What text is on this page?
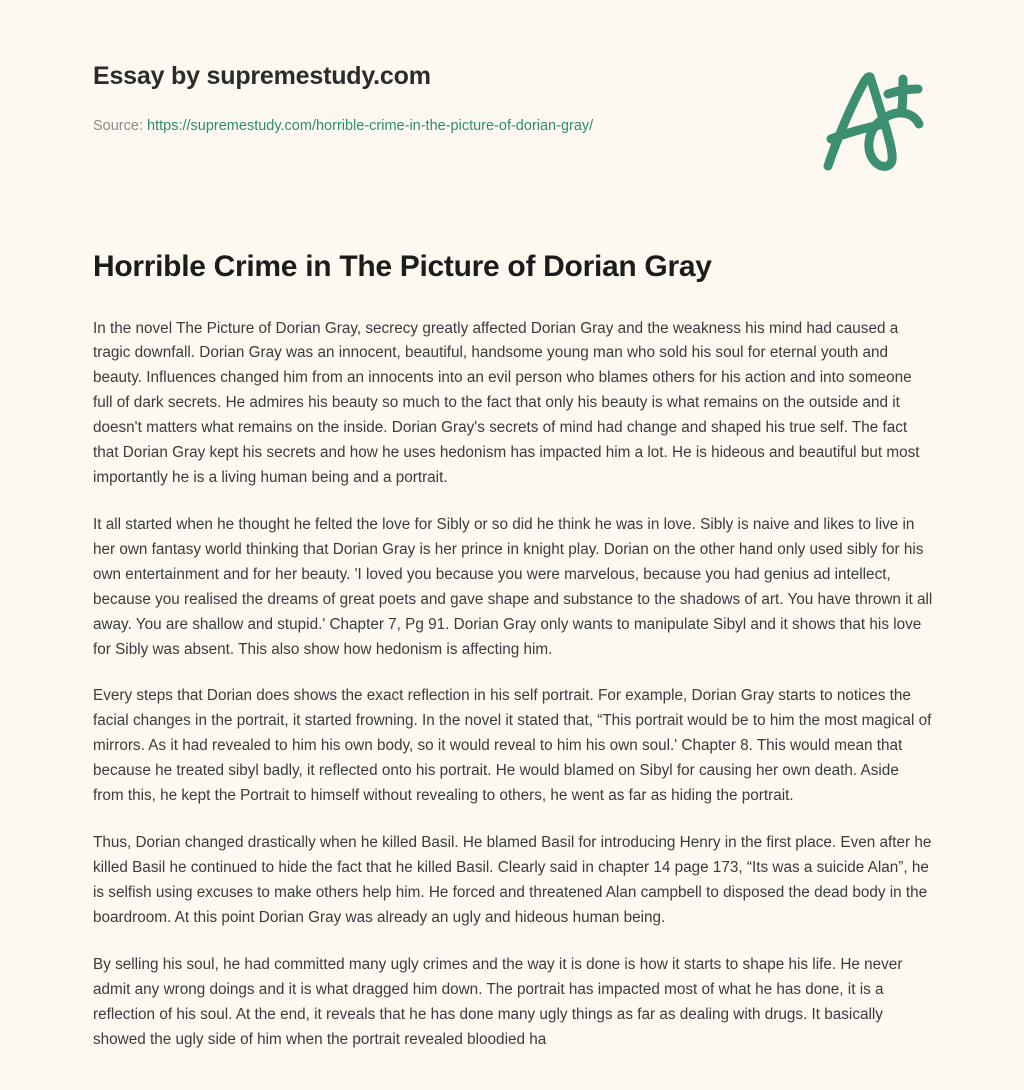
Essay by supremestudy.com
Source: https://supremestudy.com/horrible-crime-in-the-picture-of-dorian-gray/
Horrible Crime in The Picture of Dorian Gray

In the novel The Picture of Dorian Gray, secrecy greatly affected Dorian Gray and the weakness his mind had caused a tragic downfall. Dorian Gray was an innocent, beautiful, handsome young man who sold his soul for eternal youth and beauty. Influences changed him from an innocents into an evil person who blames others for his action and into someone full of dark secrets. He admires his beauty so much to the fact that only his beauty is what remains on the outside and it doesn't matters what remains on the inside. Dorian Gray's secrets of mind had change and shaped his true self. The fact that Dorian Gray kept his secrets and how he uses hedonism has impacted him a lot. He is hideous and beautiful but most importantly he is a living human being and a portrait.

It all started when he thought he felted the love for Sibly or so did he think he was in love. Sibly is naive and likes to live in her own fantasy world thinking that Dorian Gray is her prince in knight play. Dorian on the other hand only used sibly for his own entertainment and for her beauty. 'I loved you because you were marvelous, because you had genius ad intellect, because you realised the dreams of great poets and gave shape and substance to the shadows of art. You have thrown it all away. You are shallow and stupid.' Chapter 7, Pg 91. Dorian Gray only wants to manipulate Sibyl and it shows that his love for Sibly was absent. This also show how hedonism is affecting him.

Every steps that Dorian does shows the exact reflection in his self portrait. For example, Dorian Gray starts to notices the facial changes in the portrait, it started frowning. In the novel it stated that, “This portrait would be to him the most magical of mirrors. As it had revealed to him his own body, so it would reveal to him his own soul.' Chapter 8. This would mean that because he treated sibyl badly, it reflected onto his portrait. He would blamed on Sibyl for causing her own death. Aside from this, he kept the Portrait to himself without revealing to others, he went as far as hiding the portrait.

Thus, Dorian changed drastically when he killed Basil. He blamed Basil for introducing Henry in the first place. Even after he killed Basil he continued to hide the fact that he killed Basil. Clearly said in chapter 14 page 173, “Its was a suicide Alan”, he is selfish using excuses to make others help him. He forced and threatened Alan campbell to disposed the dead body in the boardroom. At this point Dorian Gray was already an ugly and hideous human being.

By selling his soul, he had committed many ugly crimes and the way it is done is how it starts to shape his life. He never admit any wrong doings and it is what dragged him down. The portrait has impacted most of what he has done, it is a reflection of his soul. At the end, it reveals that he has done many ugly things as far as dealing with drugs. It basically showed the ugly side of him when the portrait revealed bloodied ha
